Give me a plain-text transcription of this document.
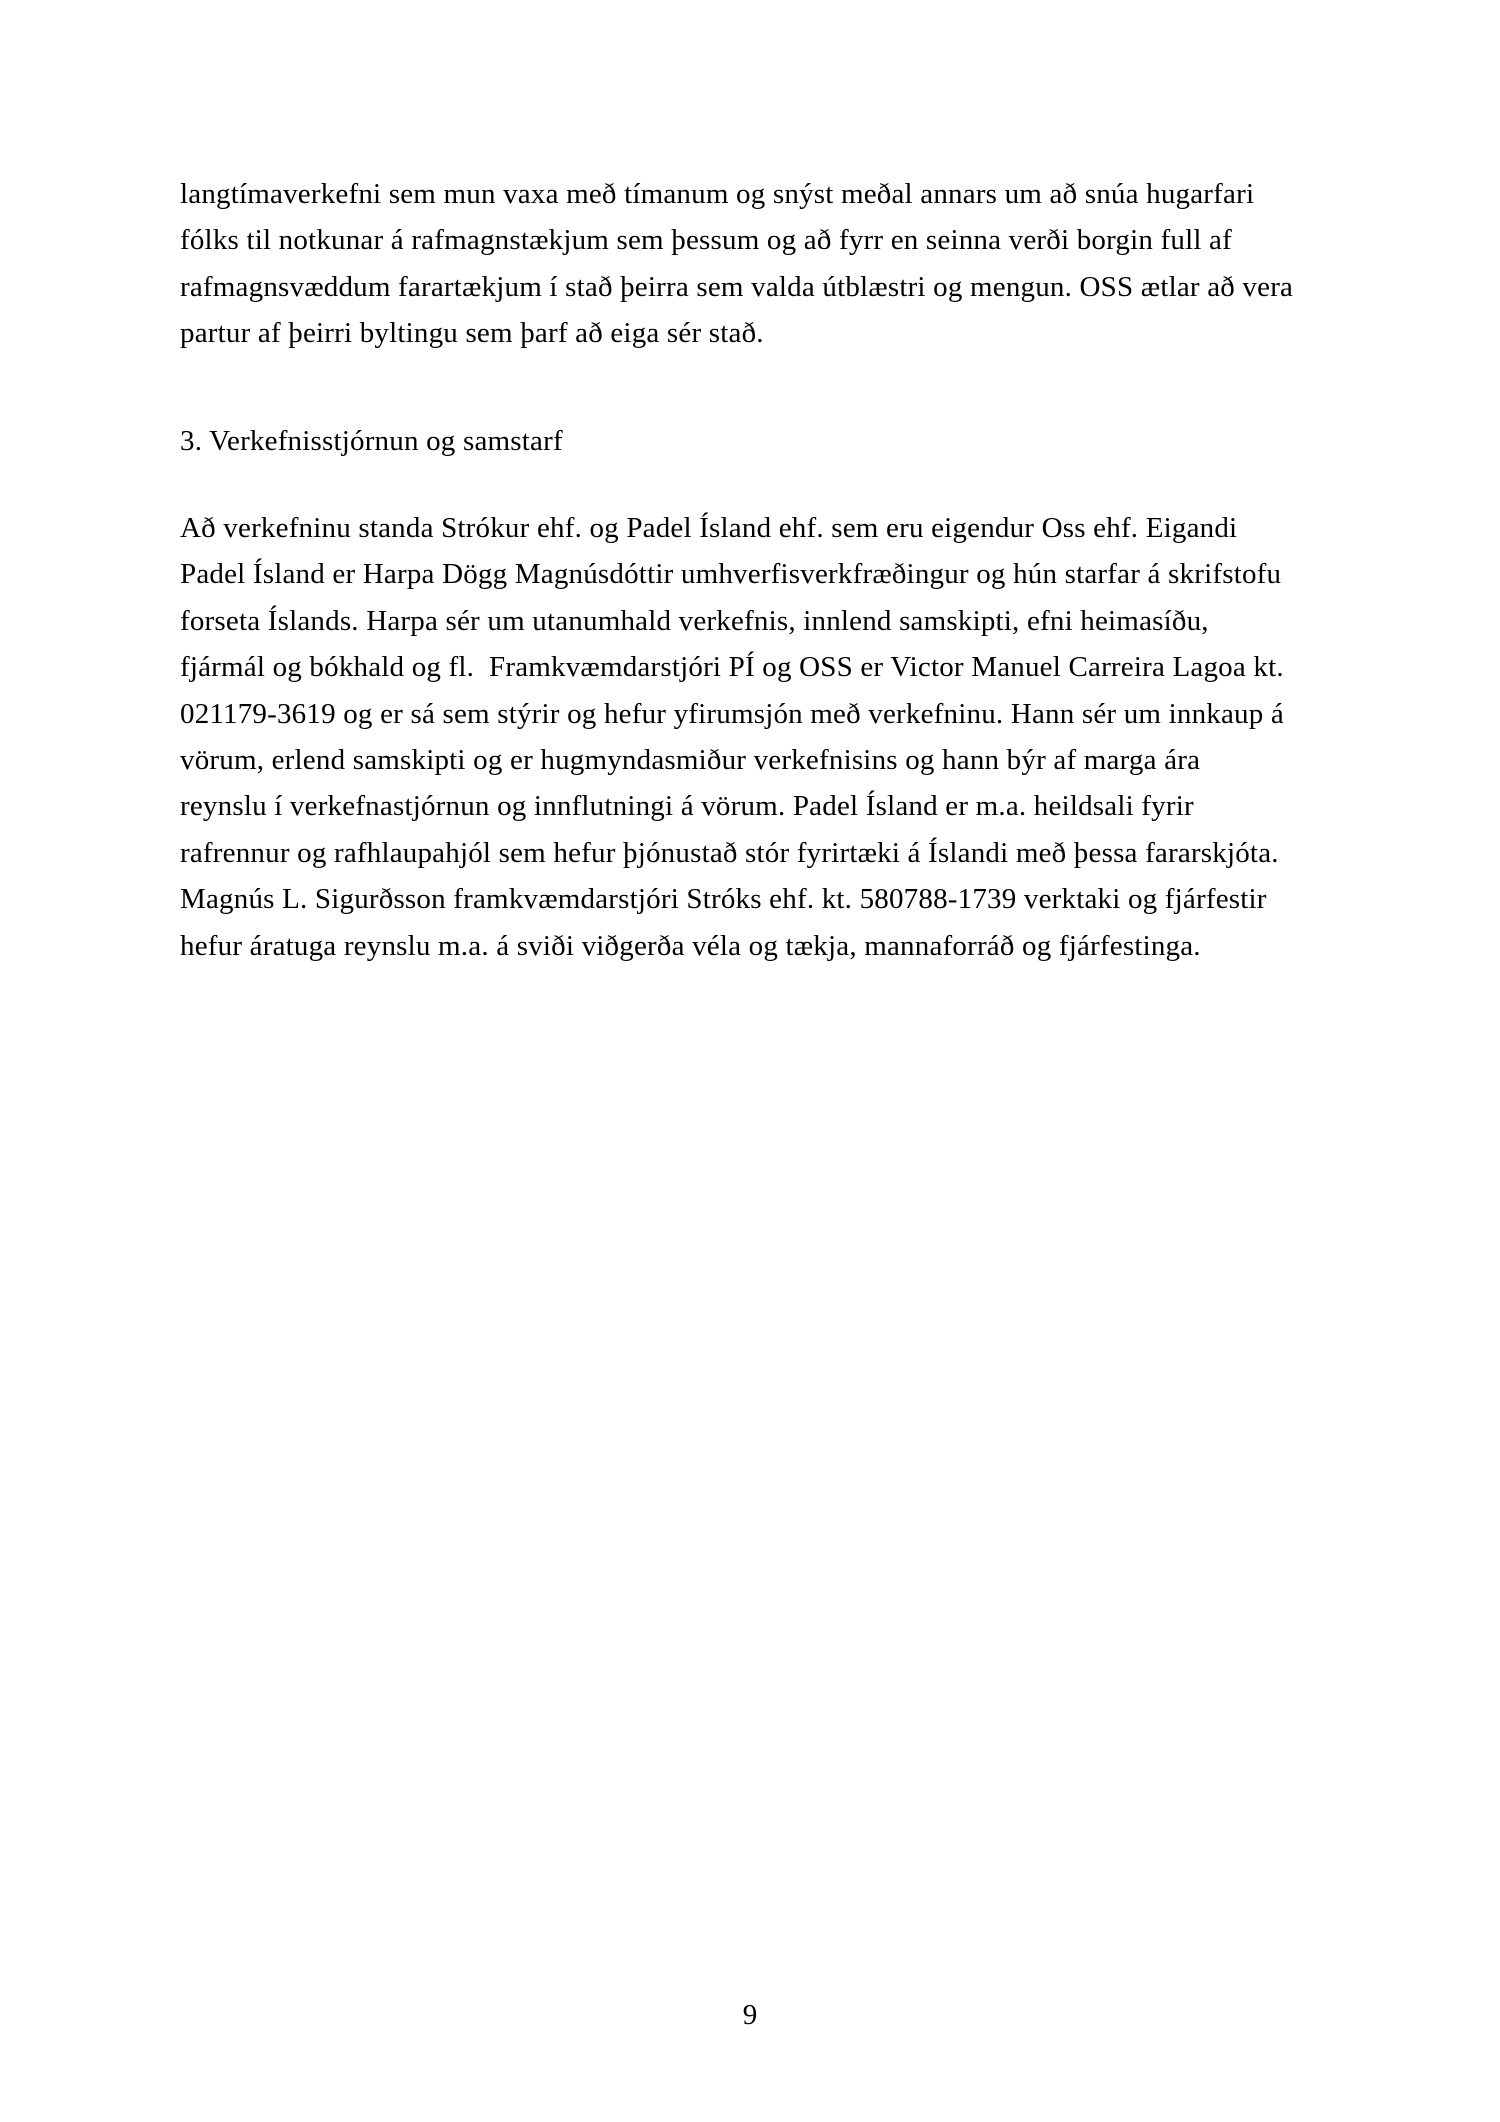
langtímaverkefni sem mun vaxa með tímanum og snýst meðal annars um að snúa hugarfari
fólks til notkunar á rafmagnstækjum sem þessum og að fyrr en seinna verði borgin full af
rafmagnsvæddum farartækjum í stað þeirra sem valda útblæstri og mengun. OSS ætlar að vera
partur af þeirri byltingu sem þarf að eiga sér stað.
3. Verkefnisstjórnun og samstarf
Að verkefninu standa Strókur ehf. og Padel Ísland ehf. sem eru eigendur Oss ehf. Eigandi
Padel Ísland er Harpa Dögg Magnúsdóttir umhverfisverkfræðingur og hún starfar á skrifstofu
forseta Íslands. Harpa sér um utanumhald verkefnis, innlend samskipti, efni heimasíðu,
fjármál og bókhald og fl.  Framkvæmdarstjóri PÍ og OSS er Victor Manuel Carreira Lagoa kt.
021179-3619 og er sá sem stýrir og hefur yfirumsjón með verkefninu. Hann sér um innkaup á
vörum, erlend samskipti og er hugmyndasmiður verkefnisins og hann býr af marga ára
reynslu í verkefnastjórnun og innflutningi á vörum. Padel Ísland er m.a. heildsali fyrir
rafrennur og rafhlaupahjól sem hefur þjónustað stór fyrirtæki á Íslandi með þessa fararskjóta.
Magnús L. Sigurðsson framkvæmdarstjóri Stróks ehf. kt. 580788-1739 verktaki og fjárfestir
hefur áratuga reynslu m.a. á sviði viðgerða véla og tækja, mannaforráð og fjárfestinga.
9
